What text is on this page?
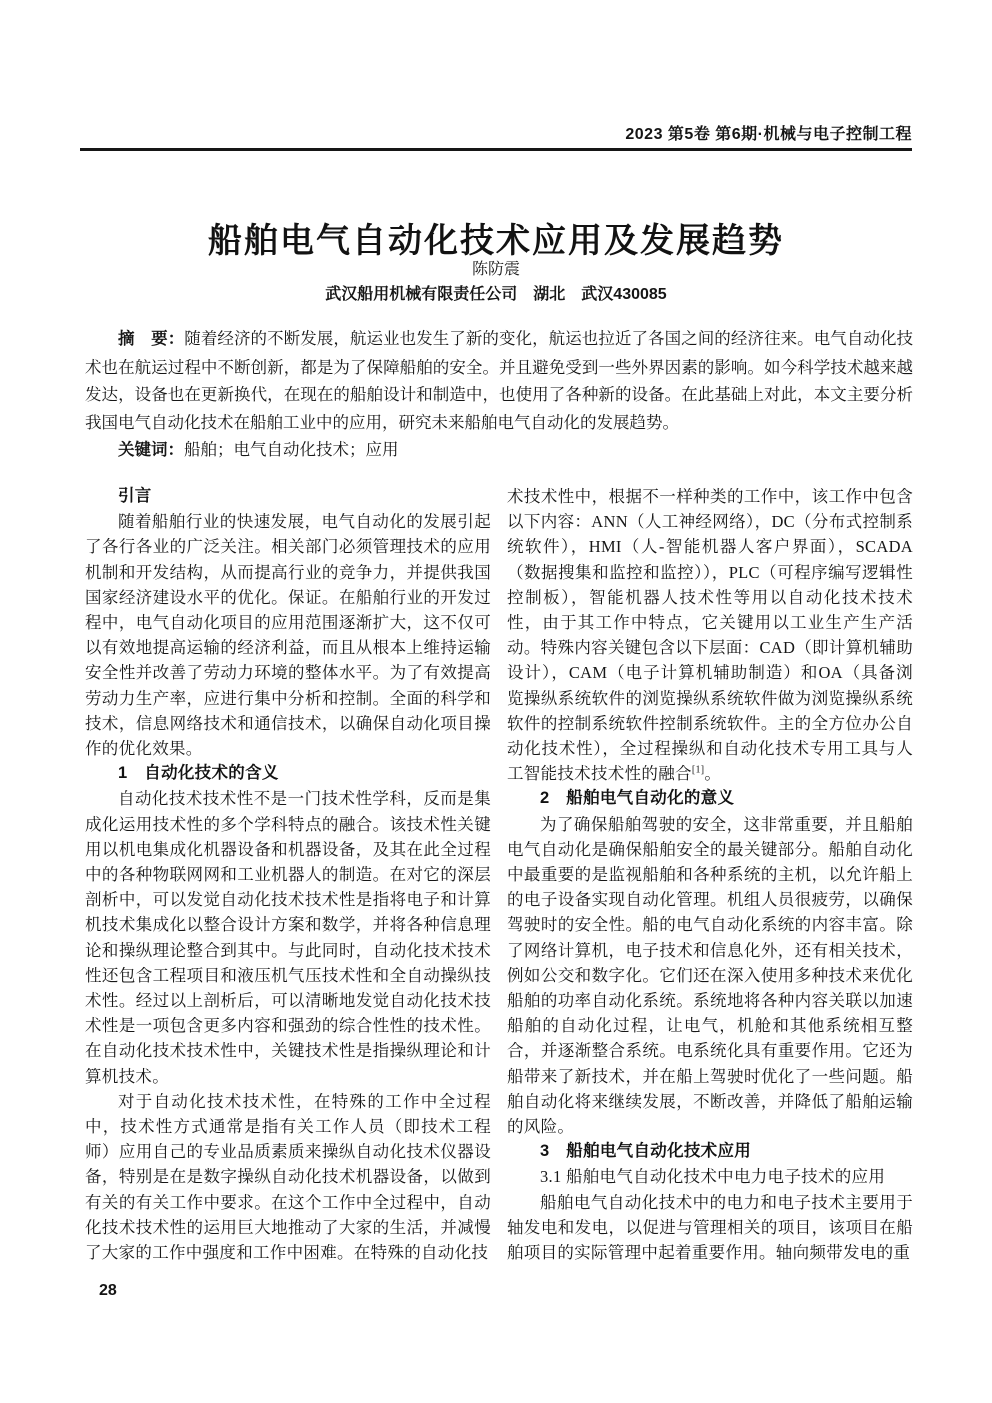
2023 第5卷 第6期·机械与电子控制工程
船舶电气自动化技术应用及发展趋势
陈防震
武汉船用机械有限责任公司　湖北　武汉430085

摘　要：随着经济的不断发展，航运业也发生了新的变化，航运也拉近了各国之间的经济往来。电气自动化技术也在航运过程中不断创新，都是为了保障船舶的安全。并且避免受到一些外界因素的影响。如今科学技术越来越发达，设备也在更新换代，在现在的船舶设计和制造中，也使用了各种新的设备。在此基础上对此，本文主要分析我国电气自动化技术在船舶工业中的应用，研究未来船舶电气自动化的发展趋势。

关键词：船舶；电气自动化技术；应用

引言

随着船舶行业的快速发展，电气自动化的发展引起了各行各业的广泛关注。相关部门必须管理技术的应用机制和开发结构，从而提高行业的竞争力，并提供我国国家经济建设水平的优化。保证。在船舶行业的开发过程中，电气自动化项目的应用范围逐渐扩大，这不仅可以有效地提高运输的经济利益，而且从根本上维持运输安全性并改善了劳动力环境的整体水平。为了有效提高劳动力生产率，应进行集中分析和控制。全面的科学和技术，信息网络技术和通信技术，以确保自动化项目操作的优化效果。

1　自动化技术的含义

自动化技术技术性不是一门技术性学科，反而是集成化运用技术性的多个学科特点的融合。该技术性关键用以机电集成化机器设备和机器设备，及其在此全过程中的各种物联网网和工业机器人的制造。在对它的深层剖析中，可以发觉自动化技术技术性是指将电子和计算机技术集成化以整合设计方案和数学，并将各种信息理论和操纵理论整合到其中。与此同时，自动化技术技术性还包含工程项目和液压机气压技术性和全自动操纵技术性。经过以上剖析后，可以清晰地发觉自动化技术技术性是一项包含更多内容和强劲的综合性性的技术性。在自动化技术技术性中，关键技术性是指操纵理论和计算机技术。

对于自动化技术技术性，在特殊的工作中全过程中，技术性方式通常是指有关工作人员（即技术工程师）应用自己的专业品质素质来操纵自动化技术仪器设备，特别是在是数字操纵自动化技术机器设备，以做到有关的有关工作中要求。在这个工作中全过程中，自动化技术技术性的运用巨大地推动了大家的生活，并减慢了大家的工作中强度和工作中困难。在特殊的自动化技

术技术性中，根据不一样种类的工作中，该工作中包含以下内容：ANN（人工神经网络），DC（分布式控制系统软件），HMI（人-智能机器人客户界面），SCADA（数据搜集和监控和监控）），PLC（可程序编写逻辑性控制板），智能机器人技术性等用以自动化技术技术性，由于其工作中特点，它关键用以工业生产生产活动。特殊内容关键包含以下层面：CAD（即计算机辅助设计），CAM（电子计算机辅助制造）和OA（具备浏览操纵系统软件的浏览操纵系统软件做为浏览操纵系统软件的控制系统软件控制系统软件。主的全方位办公自动化技术性），全过程操纵和自动化技术专用工具与人工智能技术技术性的融合[1]。

2　船舶电气自动化的意义

为了确保船舶驾驶的安全，这非常重要，并且船舶电气自动化是确保船舶安全的最关键部分。船舶自动化中最重要的是监视船舶和各种系统的主机，以允许船上的电子设备实现自动化管理。机组人员很疲劳，以确保驾驶时的安全性。船的电气自动化系统的内容丰富。除了网络计算机，电子技术和信息化外，还有相关技术，例如公交和数字化。它们还在深入使用多种技术来优化船舶的功率自动化系统。系统地将各种内容关联以加速船舶的自动化过程，让电气，机舱和其他系统相互整合，并逐渐整合系统。电系统化具有重要作用。它还为船带来了新技术，并在船上驾驶时优化了一些问题。船舶自动化将来继续发展，不断改善，并降低了船舶运输的风险。

3　船舶电气自动化技术应用

3.1 船舶电气自动化技术中电力电子技术的应用

船舶电气自动化技术中的电力和电子技术主要用于轴发电和发电，以促进与管理相关的项目，该项目在船舶项目的实际管理中起着重要作用。轴向频带发电的重

28
